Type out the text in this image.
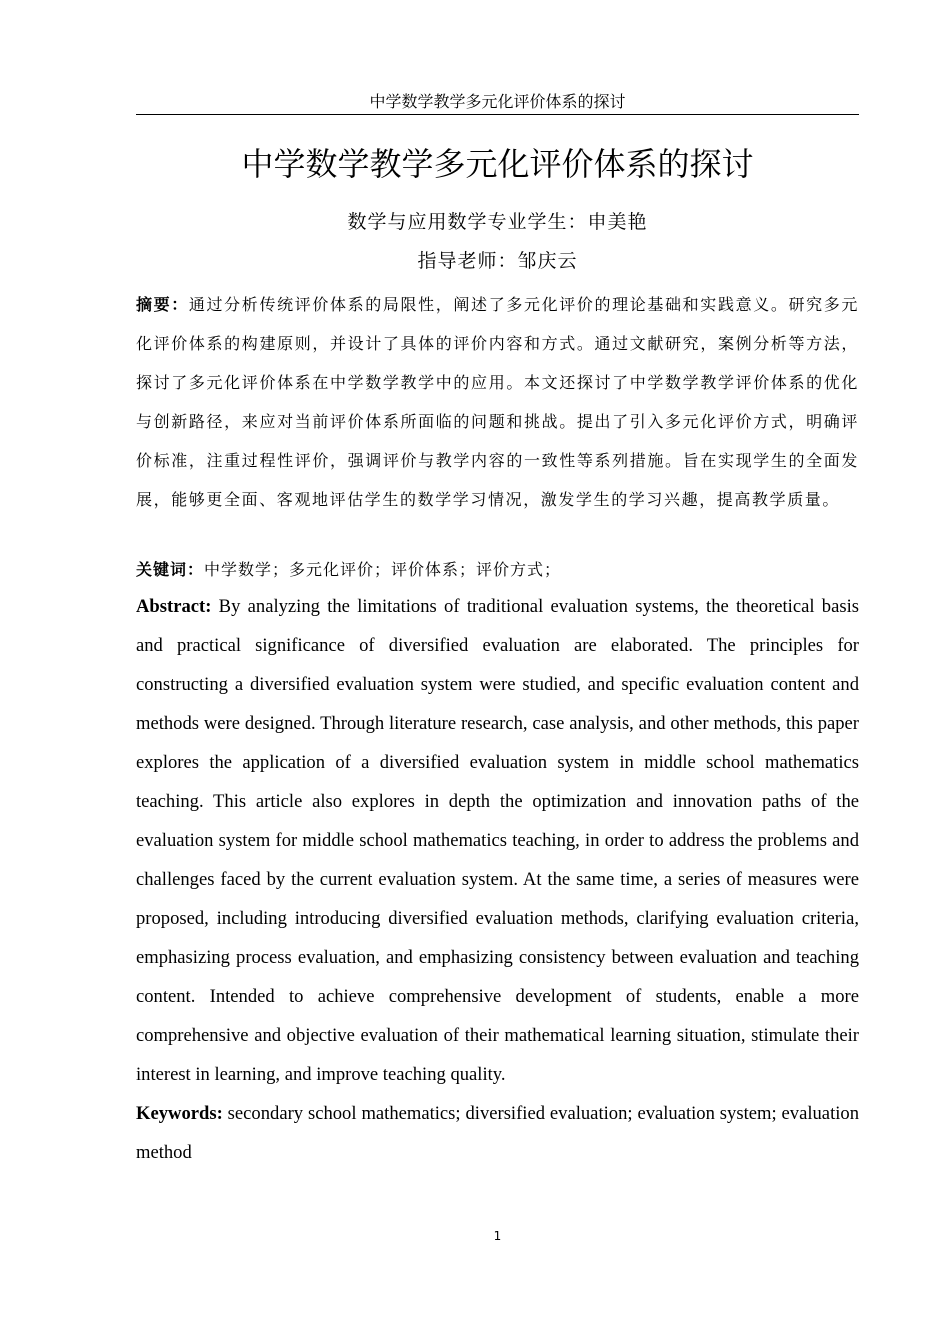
中学数学教学多元化评价体系的探讨
中学数学教学多元化评价体系的探讨
数学与应用数学专业学生：申美艳
指导老师：邹庆云
摘要：通过分析传统评价体系的局限性，阐述了多元化评价的理论基础和实践意义。研究多元化评价体系的构建原则，并设计了具体的评价内容和方式。通过文献研究，案例分析等方法，探讨了多元化评价体系在中学数学教学中的应用。本文还探讨了中学数学教学评价体系的优化与创新路径，来应对当前评价体系所面临的问题和挑战。提出了引入多元化评价方式，明确评价标准，注重过程性评价，强调评价与教学内容的一致性等系列措施。旨在实现学生的全面发展，能够更全面、客观地评估学生的数学学习情况，激发学生的学习兴趣，提高教学质量。
关键词：中学数学；多元化评价；评价体系；评价方式；
Abstract: By analyzing the limitations of traditional evaluation systems, the theoretical basis and practical significance of diversified evaluation are elaborated. The principles for constructing a diversified evaluation system were studied, and specific evaluation content and methods were designed. Through literature research, case analysis, and other methods, this paper explores the application of a diversified evaluation system in middle school mathematics teaching. This article also explores in depth the optimization and innovation paths of the evaluation system for middle school mathematics teaching, in order to address the problems and challenges faced by the current evaluation system. At the same time, a series of measures were proposed, including introducing diversified evaluation methods, clarifying evaluation criteria, emphasizing process evaluation, and emphasizing consistency between evaluation and teaching content. Intended to achieve comprehensive development of students, enable a more comprehensive and objective evaluation of their mathematical learning situation, stimulate their interest in learning, and improve teaching quality.
Keywords: secondary school mathematics; diversified evaluation; evaluation system; evaluation method
1
